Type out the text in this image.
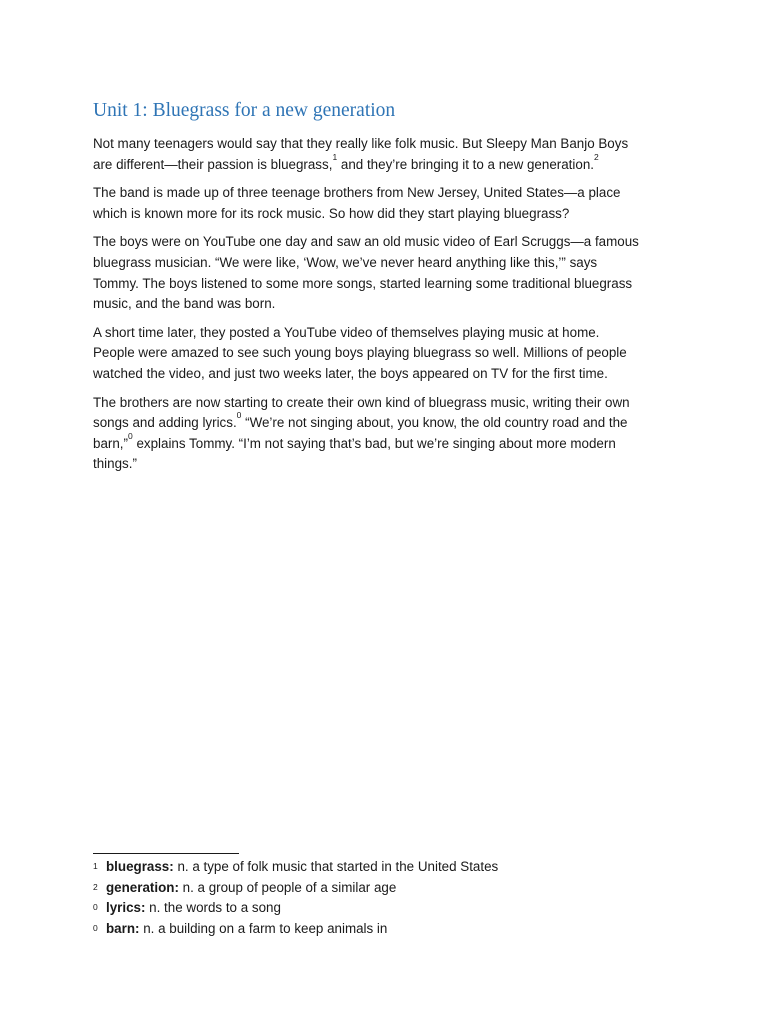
Unit 1: Bluegrass for a new generation

Not many teenagers would say that they really like folk music. But Sleepy Man Banjo Boys
are different—their passion is bluegrass,$^1$ and they’re bringing it to a new generation.$^2$

The band is made up of three teenage brothers from New Jersey, United States—a place
which is known more for its rock music. So how did they start playing bluegrass?

The boys were on YouTube one day and saw an old music video of Earl Scruggs—a famous
bluegrass musician. “We were like, ‘Wow, we’ve never heard anything like this,’” says
Tommy. The boys listened to some more songs, started learning some traditional bluegrass
music, and the band was born.

A short time later, they posted a YouTube video of themselves playing music at home.
People were amazed to see such young boys playing bluegrass so well. Millions of people
watched the video, and just two weeks later, the boys appeared on TV for the first time.

The brothers are now starting to create their own kind of bluegrass music, writing their own
songs and adding lyrics.$^0$ “We’re not singing about, you know, the old country road and the
barn,”$^0$ explains Tommy. “I’m not saying that’s bad, but we’re singing about more modern
things.”

1 bluegrass: n. a type of folk music that started in the United States
2 generation: n. a group of people of a similar age
0 lyrics: n. the words to a song
0 barn: n. a building on a farm to keep animals in
